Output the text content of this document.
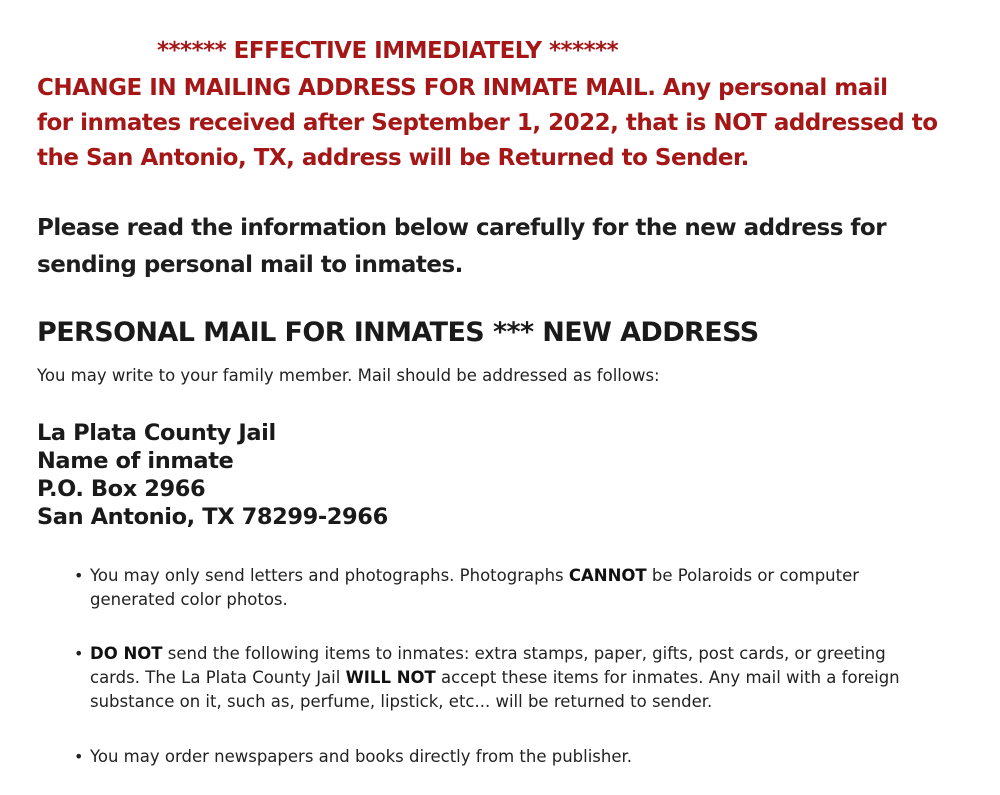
****** EFFECTIVE IMMEDIATELY ******

CHANGE IN MAILING ADDRESS FOR INMATE MAIL. Any personal mail
for inmates received after September 1, 2022, that is NOT addressed to
the San Antonio, TX, address will be Returned to Sender.

Please read the information below carefully for the new address for
sending personal mail to inmates.

PERSONAL MAIL FOR INMATES *** NEW ADDRESS

You may write to your family member. Mail should be addressed as follows:

La Plata County Jail
Name of inmate
P.O. Box 2966
San Antonio, TX 78299-2966

• You may only send letters and photographs. Photographs CANNOT be Polaroids or computer
generated color photos.
• DO NOT send the following items to inmates: extra stamps, paper, gifts, post cards, or greeting
cards. The La Plata County Jail WILL NOT accept these items for inmates. Any mail with a foreign
substance on it, such as, perfume, lipstick, etc... will be returned to sender.
• You may order newspapers and books directly from the publisher.
